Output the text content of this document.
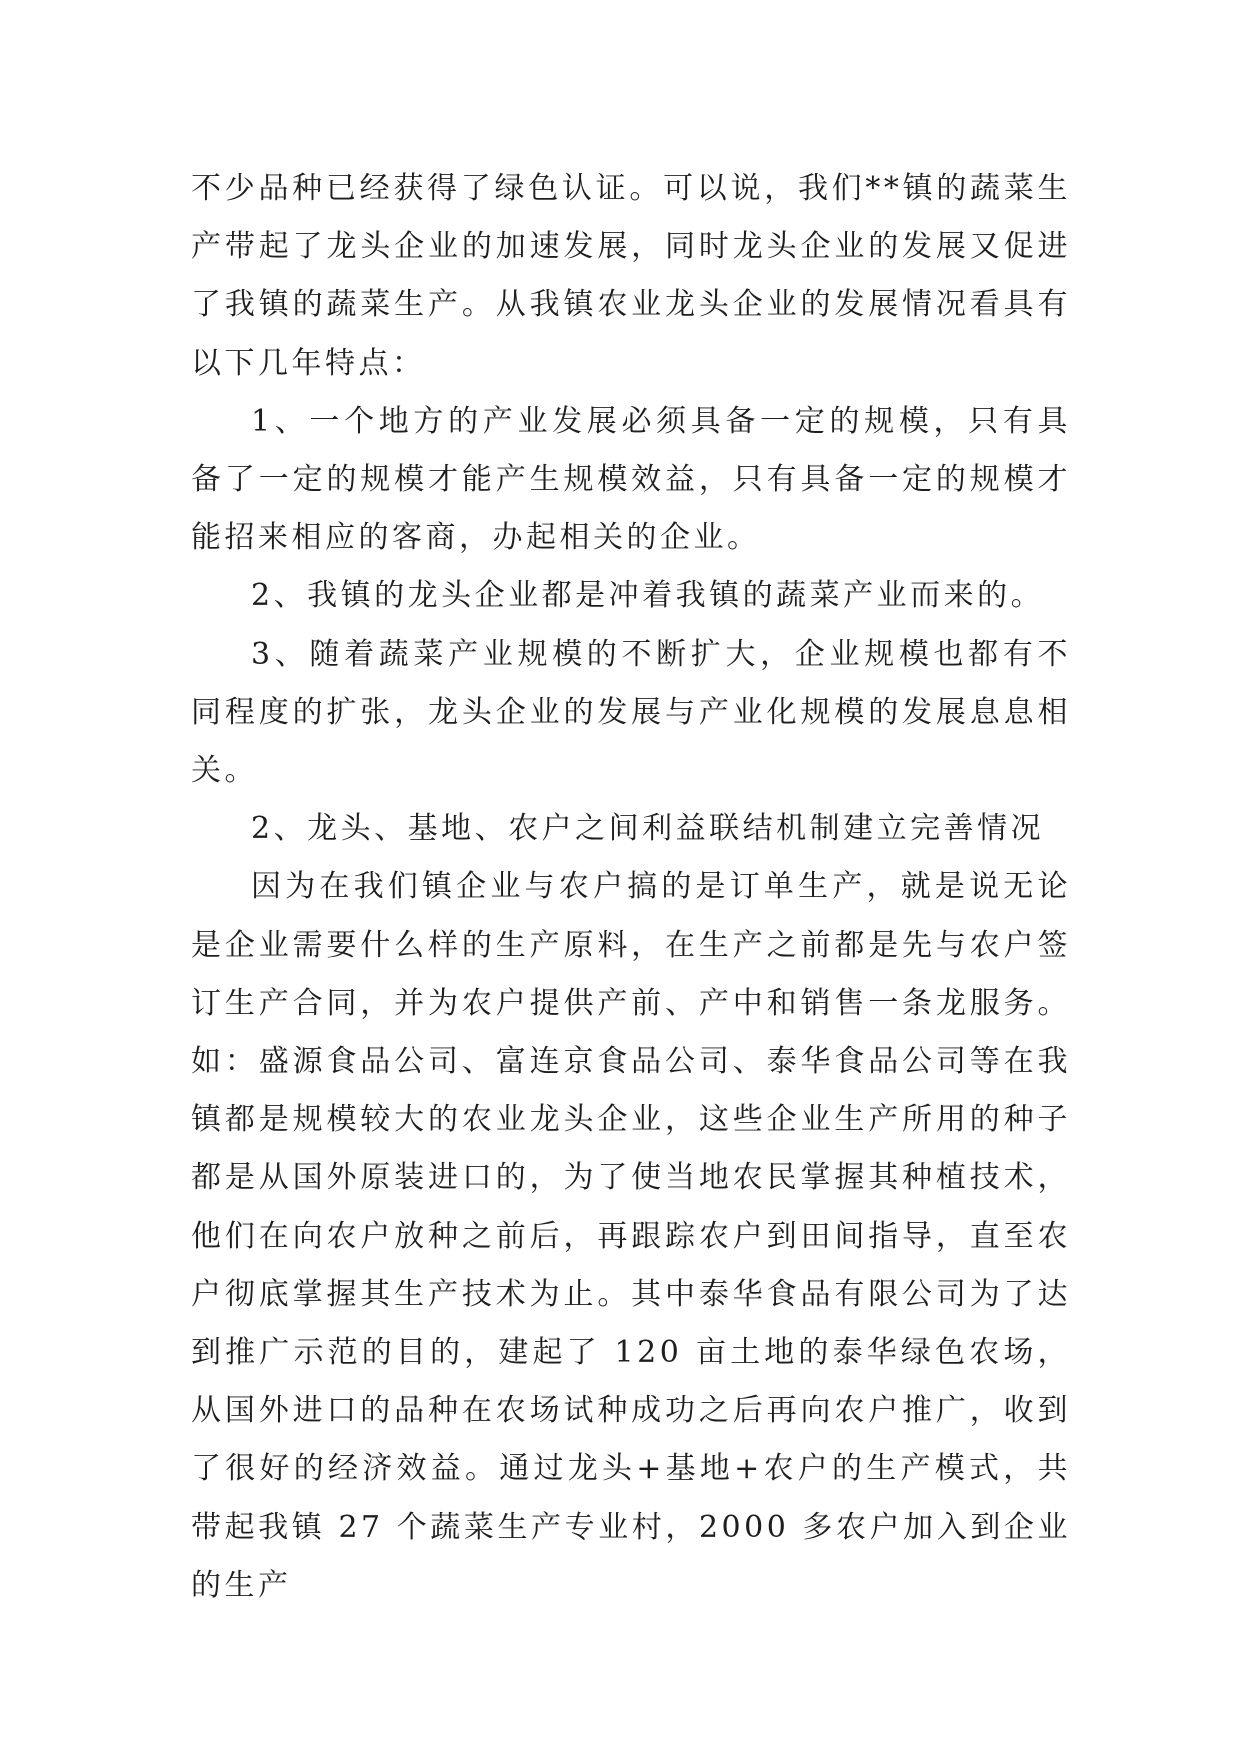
不少品种已经获得了绿色认证。可以说，我们**镇的蔬菜生产带起了龙头企业的加速发展，同时龙头企业的发展又促进了我镇的蔬菜生产。从我镇农业龙头企业的发展情况看具有以下几年特点：

1、一个地方的产业发展必须具备一定的规模，只有具备了一定的规模才能产生规模效益，只有具备一定的规模才能招来相应的客商，办起相关的企业。

2、我镇的龙头企业都是冲着我镇的蔬菜产业而来的。

3、随着蔬菜产业规模的不断扩大，企业规模也都有不同程度的扩张，龙头企业的发展与产业化规模的发展息息相关。

2、龙头、基地、农户之间利益联结机制建立完善情况

因为在我们镇企业与农户搞的是订单生产，就是说无论是企业需要什么样的生产原料，在生产之前都是先与农户签订生产合同，并为农户提供产前、产中和销售一条龙服务。如：盛源食品公司、富连京食品公司、泰华食品公司等在我镇都是规模较大的农业龙头企业，这些企业生产所用的种子都是从国外原装进口的，为了使当地农民掌握其种植技术，他们在向农户放种之前后，再跟踪农户到田间指导，直至农户彻底掌握其生产技术为止。其中泰华食品有限公司为了达到推广示范的目的，建起了 120 亩土地的泰华绿色农场，从国外进口的品种在农场试种成功之后再向农户推广，收到了很好的经济效益。通过龙头+基地+农户的生产模式，共带起我镇 27 个蔬菜生产专业村，2000 多农户加入到企业的生产
